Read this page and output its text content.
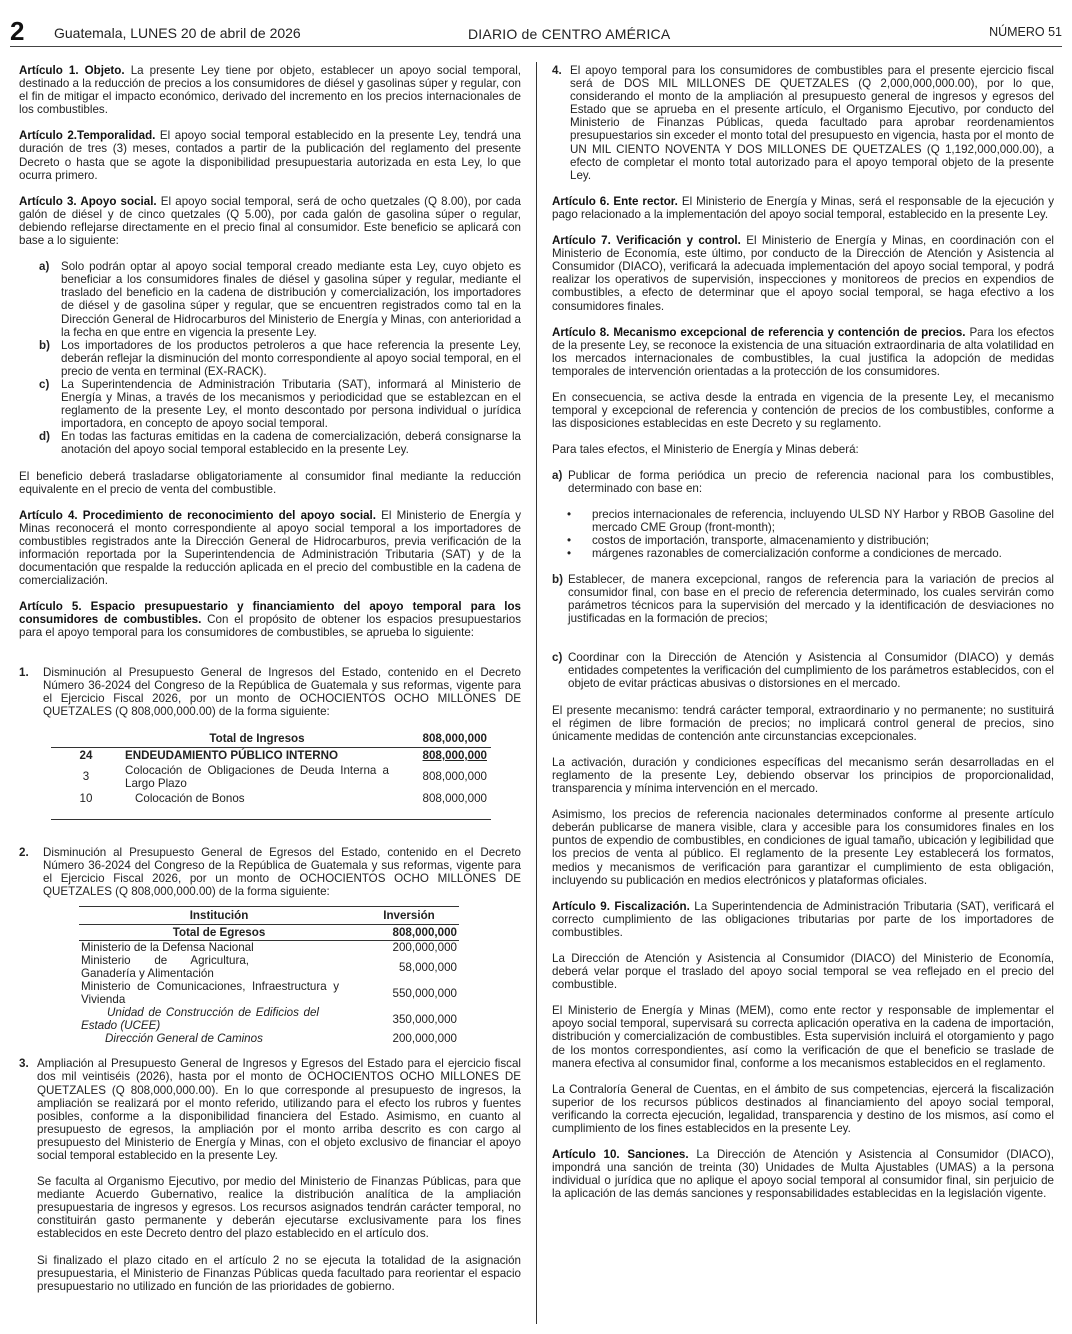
2	Guatemala, LUNES 20 de abril de 2026	DIARIO de CENTRO AMÉRICA	NÚMERO 51

Artículo 1. Objeto. La presente Ley tiene por objeto, establecer un apoyo social temporal, destinado a la reducción de precios a los consumidores de diésel y gasolinas súper y regular, con el fin de mitigar el impacto económico, derivado del incremento en los precios internacionales de los combustibles.

Artículo 2.Temporalidad. El apoyo social temporal establecido en la presente Ley, tendrá una duración de tres (3) meses, contados a partir de la publicación del reglamento del presente Decreto o hasta que se agote la disponibilidad presupuestaria autorizada en esta Ley, lo que ocurra primero.

Artículo 3. Apoyo social. El apoyo social temporal, será de ocho quetzales (Q 8.00), por cada galón de diésel y de cinco quetzales (Q 5.00), por cada galón de gasolina súper o regular, debiendo reflejarse directamente en el precio final al consumidor. Este beneficio se aplicará con base a lo siguiente:

a) Solo podrán optar al apoyo social temporal creado mediante esta Ley, cuyo objeto es beneficiar a los consumidores finales de diésel y gasolina súper y regular, mediante el traslado del beneficio en la cadena de distribución y comercialización, los importadores de diésel y de gasolina súper y regular, que se encuentren registrados como tal en la Dirección General de Hidrocarburos del Ministerio de Energía y Minas, con anterioridad a la fecha en que entre en vigencia la presente Ley.
b) Los importadores de los productos petroleros a que hace referencia la presente Ley, deberán reflejar la disminución del monto correspondiente al apoyo social temporal, en el precio de venta en terminal (EX-RACK).
c) La Superintendencia de Administración Tributaria (SAT), informará al Ministerio de Energía y Minas, a través de los mecanismos y periodicidad que se establezcan en el reglamento de la presente Ley, el monto descontado por persona individual o jurídica importadora, en concepto de apoyo social temporal.
d) En todas las facturas emitidas en la cadena de comercialización, deberá consignarse la anotación del apoyo social temporal establecido en la presente Ley.

El beneficio deberá trasladarse obligatoriamente al consumidor final mediante la reducción equivalente en el precio de venta del combustible.

Artículo 4. Procedimiento de reconocimiento del apoyo social. El Ministerio de Energía y Minas reconocerá el monto correspondiente al apoyo social temporal a los importadores de combustibles registrados ante la Dirección General de Hidrocarburos, previa verificación de la información reportada por la Superintendencia de Administración Tributaria (SAT) y de la documentación que respalde la reducción aplicada en el precio del combustible en la cadena de comercialización.

Artículo 5. Espacio presupuestario y financiamiento del apoyo temporal para los consumidores de combustibles. Con el propósito de obtener los espacios presupuestarios para el apoyo temporal para los consumidores de combustibles, se aprueba lo siguiente:

1. Disminución al Presupuesto General de Ingresos del Estado, contenido en el Decreto Número 36-2024 del Congreso de la República de Guatemala y sus reformas, vigente para el Ejercicio Fiscal 2026, por un monto de OCHOCIENTOS OCHO MILLONES DE QUETZALES (Q 808,000,000.00) de la forma siguiente:
	Total de Ingresos	808,000,000
24	ENDEUDAMIENTO PÚBLICO INTERNO	808,000,000
3	Colocación de Obligaciones de Deuda Interna a Largo Plazo	808,000,000
10	Colocación de Bonos	808,000,000
2. Disminución al Presupuesto General de Egresos del Estado, contenido en el Decreto Número 36-2024 del Congreso de la República de Guatemala y sus reformas, vigente para el Ejercicio Fiscal 2026, por un monto de OCHOCIENTOS OCHO MILLONES DE QUETZALES (Q 808,000,000.00) de la forma siguiente:
Institución	Inversión
Total de Egresos	808,000,000
Ministerio de la Defensa Nacional	200,000,000
Ministerio de Agricultura, Ganadería y Alimentación	58,000,000
Ministerio de Comunicaciones, Infraestructura y Vivienda	550,000,000
Unidad de Construcción de Edificios del Estado (UCEE)	350,000,000
Dirección General de Caminos	200,000,000
3. Ampliación al Presupuesto General de Ingresos y Egresos del Estado para el ejercicio fiscal dos mil veintiséis (2026), hasta por el monto de OCHOCIENTOS OCHO MILLONES DE QUETZALES (Q 808,000,000.00). En lo que corresponde al presupuesto de ingresos, la ampliación se realizará por el monto referido, utilizando para el efecto los rubros y fuentes posibles, conforme a la disponibilidad financiera del Estado. Asimismo, en cuanto al presupuesto de egresos, la ampliación por el monto arriba descrito es con cargo al presupuesto del Ministerio de Energía y Minas, con el objeto exclusivo de financiar el apoyo social temporal establecido en la presente Ley.

Se faculta al Organismo Ejecutivo, por medio del Ministerio de Finanzas Públicas, para que mediante Acuerdo Gubernativo, realice la distribución analítica de la ampliación presupuestaria de ingresos y egresos. Los recursos asignados tendrán carácter temporal, no constituirán gasto permanente y deberán ejecutarse exclusivamente para los fines establecidos en este Decreto dentro del plazo establecido en el artículo dos.

Si finalizado el plazo citado en el artículo 2 no se ejecuta la totalidad de la asignación presupuestaria, el Ministerio de Finanzas Públicas queda facultado para reorientar el espacio presupuestario no utilizado en función de las prioridades de gobierno.

4. El apoyo temporal para los consumidores de combustibles para el presente ejercicio fiscal será de DOS MIL MILLONES DE QUETZALES (Q 2,000,000,000.00), por lo que, considerando el monto de la ampliación al presupuesto general de ingresos y egresos del Estado que se aprueba en el presente artículo, el Organismo Ejecutivo, por conducto del Ministerio de Finanzas Públicas, queda facultado para aprobar reordenamientos presupuestarios sin exceder el monto total del presupuesto en vigencia, hasta por el monto de UN MIL CIENTO NOVENTA Y DOS MILLONES DE QUETZALES (Q 1,192,000,000.00), a efecto de completar el monto total autorizado para el apoyo temporal objeto de la presente Ley.

Artículo 6. Ente rector. El Ministerio de Energía y Minas, será el responsable de la ejecución y pago relacionado a la implementación del apoyo social temporal, establecido en la presente Ley.

Artículo 7. Verificación y control. El Ministerio de Energía y Minas, en coordinación con el Ministerio de Economía, este último, por conducto de la Dirección de Atención y Asistencia al Consumidor (DIACO), verificará la adecuada implementación del apoyo social temporal, y podrá realizar los operativos de supervisión, inspecciones y monitoreos de precios en expendios de combustibles, a efecto de determinar que el apoyo social temporal, se haga efectivo a los consumidores finales.

Artículo 8. Mecanismo excepcional de referencia y contención de precios. Para los efectos de la presente Ley, se reconoce la existencia de una situación extraordinaria de alta volatilidad en los mercados internacionales de combustibles, la cual justifica la adopción de medidas temporales de intervención orientadas a la protección de los consumidores.

En consecuencia, se activa desde la entrada en vigencia de la presente Ley, el mecanismo temporal y excepcional de referencia y contención de precios de los combustibles, conforme a las disposiciones establecidas en este Decreto y su reglamento.

Para tales efectos, el Ministerio de Energía y Minas deberá:

a) Publicar de forma periódica un precio de referencia nacional para los combustibles, determinado con base en:
• precios internacionales de referencia, incluyendo ULSD NY Harbor y RBOB Gasoline del mercado CME Group (front-month);
• costos de importación, transporte, almacenamiento y distribución;
• márgenes razonables de comercialización conforme a condiciones de mercado.
b) Establecer, de manera excepcional, rangos de referencia para la variación de precios al consumidor final, con base en el precio de referencia determinado, los cuales servirán como parámetros técnicos para la supervisión del mercado y la identificación de desviaciones no justificadas en la formación de precios;
c) Coordinar con la Dirección de Atención y Asistencia al Consumidor (DIACO) y demás entidades competentes la verificación del cumplimiento de los parámetros establecidos, con el objeto de evitar prácticas abusivas o distorsiones en el mercado.

El presente mecanismo: tendrá carácter temporal, extraordinario y no permanente; no sustituirá el régimen de libre formación de precios; no implicará control general de precios, sino únicamente medidas de contención ante circunstancias excepcionales.

La activación, duración y condiciones específicas del mecanismo serán desarrolladas en el reglamento de la presente Ley, debiendo observar los principios de proporcionalidad, transparencia y mínima intervención en el mercado.

Asimismo, los precios de referencia nacionales determinados conforme al presente artículo deberán publicarse de manera visible, clara y accesible para los consumidores finales en los puntos de expendio de combustibles, en condiciones de igual tamaño, ubicación y legibilidad que los precios de venta al público. El reglamento de la presente Ley establecerá los formatos, medios y mecanismos de verificación para garantizar el cumplimiento de esta obligación, incluyendo su publicación en medios electrónicos y plataformas oficiales.

Artículo 9. Fiscalización. La Superintendencia de Administración Tributaria (SAT), verificará el correcto cumplimiento de las obligaciones tributarias por parte de los importadores de combustibles.

La Dirección de Atención y Asistencia al Consumidor (DIACO) del Ministerio de Economía, deberá velar porque el traslado del apoyo social temporal se vea reflejado en el precio del combustible.

El Ministerio de Energía y Minas (MEM), como ente rector y responsable de implementar el apoyo social temporal, supervisará su correcta aplicación operativa en la cadena de importación, distribución y comercialización de combustibles. Esta supervisión incluirá el otorgamiento y pago de los montos correspondientes, así como la verificación de que el beneficio se traslade de manera efectiva al consumidor final, conforme a los mecanismos establecidos en el reglamento.

La Contraloría General de Cuentas, en el ámbito de sus competencias, ejercerá la fiscalización superior de los recursos públicos destinados al financiamiento del apoyo social temporal, verificando la correcta ejecución, legalidad, transparencia y destino de los mismos, así como el cumplimiento de los fines establecidos en la presente Ley.

Artículo 10. Sanciones. La Dirección de Atención y Asistencia al Consumidor (DIACO), impondrá una sanción de treinta (30) Unidades de Multa Ajustables (UMAS) a la persona individual o jurídica que no aplique el apoyo social temporal al consumidor final, sin perjuicio de la aplicación de las demás sanciones y responsabilidades establecidas en la legislación vigente.
